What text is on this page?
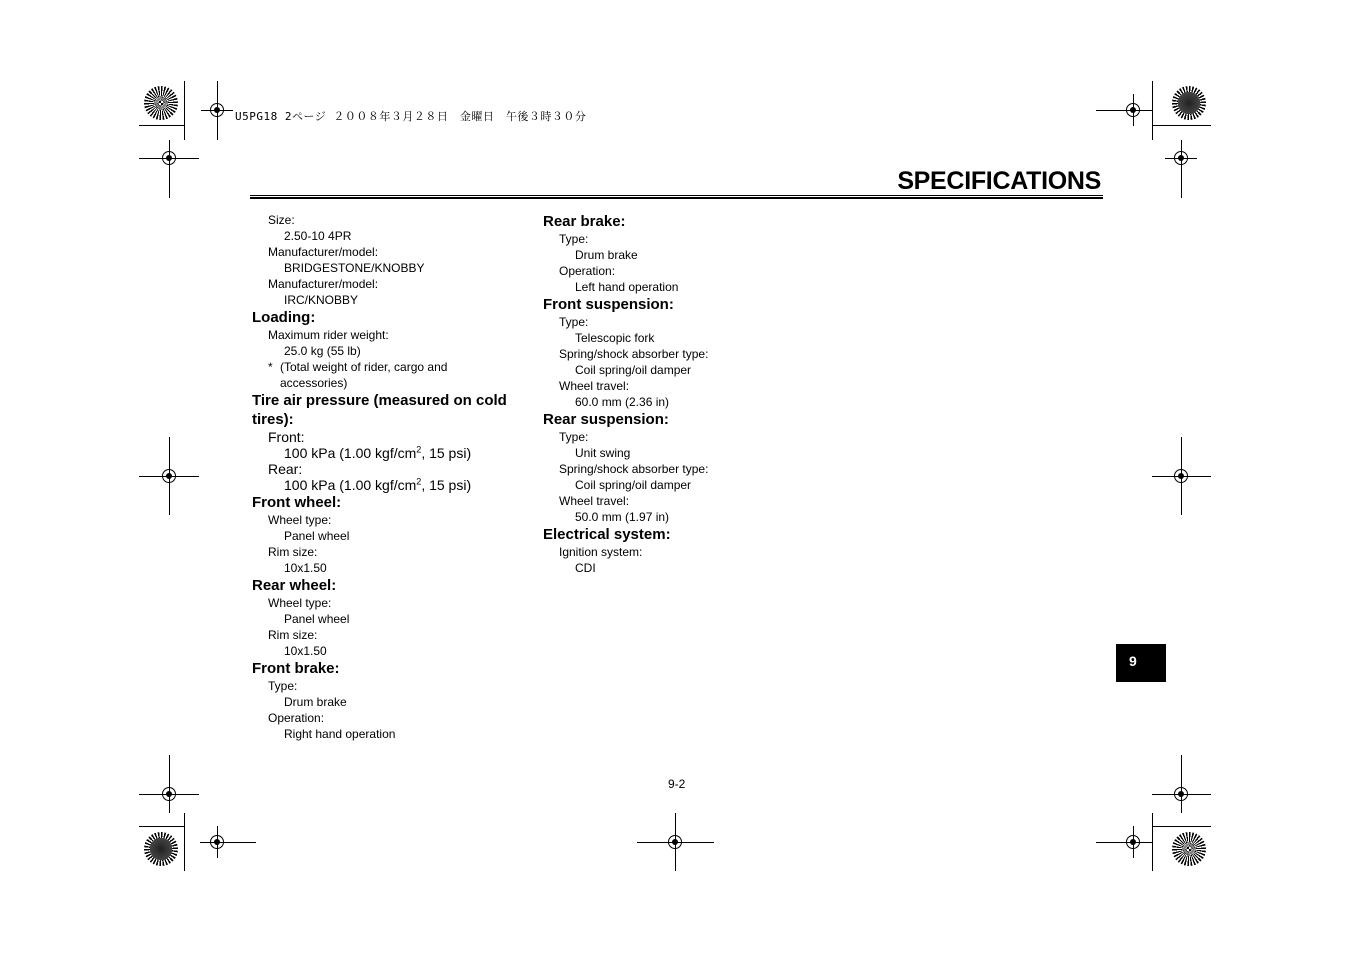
U5PG18 2ページ ２００８年３月２８日　金曜日　午後３時３０分
SPECIFICATIONS
Size:
2.50-10 4PR
Manufacturer/model:
BRIDGESTONE/KNOBBY
Manufacturer/model:
IRC/KNOBBY
Loading:
Maximum rider weight:
25.0 kg (55 lb)
* (Total weight of rider, cargo and accessories)
Tire air pressure (measured on cold tires):
Front:
100 kPa (1.00 kgf/$cm^2$, 15 psi)
Rear:
100 kPa (1.00 kgf/$cm^2$, 15 psi)
Front wheel:
Wheel type:
Panel wheel
Rim size:
10x1.50
Rear wheel:
Wheel type:
Panel wheel
Rim size:
10x1.50
Front brake:
Type:
Drum brake
Operation:
Right hand operation
Rear brake:
Type:
Drum brake
Operation:
Left hand operation
Front suspension:
Type:
Telescopic fork
Spring/shock absorber type:
Coil spring/oil damper
Wheel travel:
60.0 mm (2.36 in)
Rear suspension:
Type:
Unit swing
Spring/shock absorber type:
Coil spring/oil damper
Wheel travel:
50.0 mm (1.97 in)
Electrical system:
Ignition system:
CDI
9
9-2
